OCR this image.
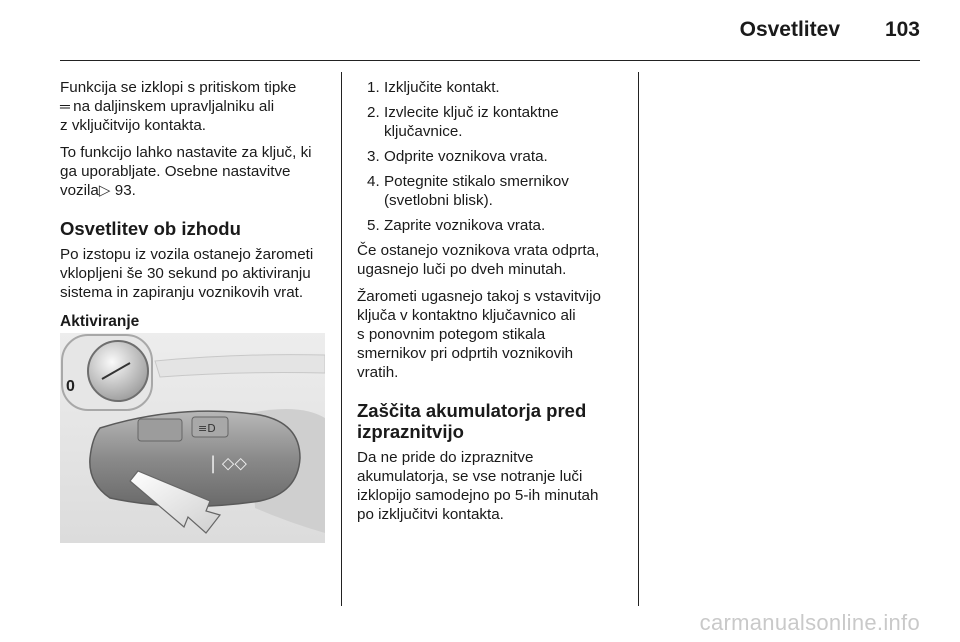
Osvetlitev 103

Funkcija se izklopi s pritiskom tipke
═ na daljinskem upravljalniku ali
z vključitvijo kontakta.

To funkcijo lahko nastavite za ključ, ki
ga uporabljate. Osebne nastavitve
vozila▷ 93.

Osvetlitev ob izhodu

Po izstopu iz vozila ostanejo žarometi
vklopljeni še 30 sekund po aktiviranju
sistema in zapiranju voznikovih vrat.

Aktiviranje
0
≡D
| ⬦⬦
1. Izključite kontakt.
2. Izvlecite ključ iz kontaktne
ključavnice.
3. Odprite voznikova vrata.
4. Potegnite stikalo smernikov
(svetlobni blisk).
5. Zaprite voznikova vrata.

Če ostanejo voznikova vrata odprta,
ugasnejo luči po dveh minutah.

Žarometi ugasnejo takoj s vstavitvijo
ključa v kontaktno ključavnico ali
s ponovnim potegom stikala
smernikov pri odprtih voznikovih
vratih.

Zaščita akumulatorja pred
izpraznitvijo

Da ne pride do izpraznitve
akumulatorja, se vse notranje luči
izklopijo samodejno po 5-ih minutah
po izključitvi kontakta.

carmanualsonline.info
